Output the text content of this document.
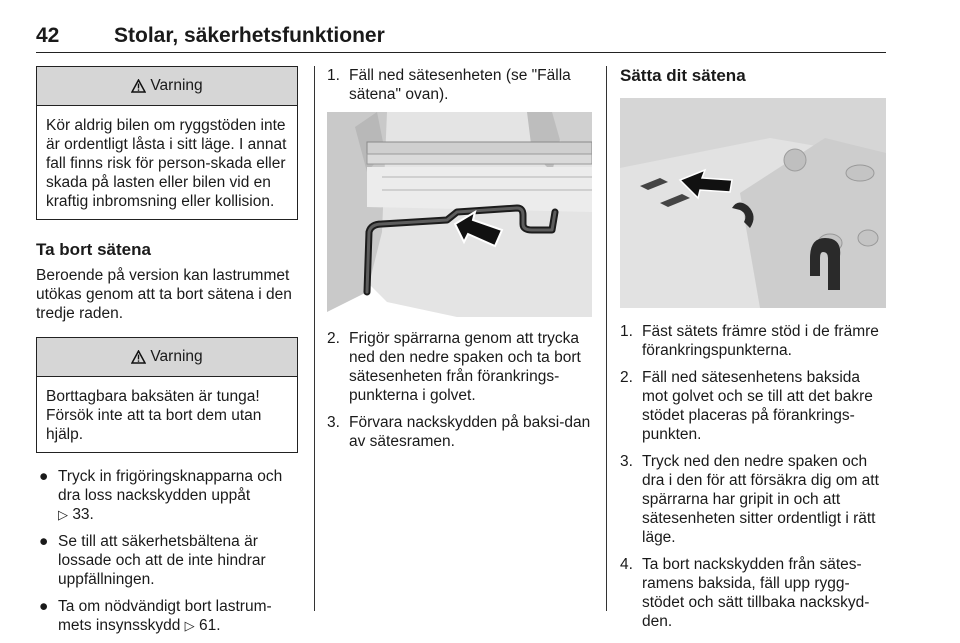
42	Stolar, säkerhetsfunktioner
Varning
Kör aldrig bilen om ryggstöden inte är ordentligt låsta i sitt läge. I annat fall finns risk för person-skada eller skada på lasten eller bilen vid en kraftig inbromsning eller kollision.
Ta bort sätena

Beroende på version kan lastrummet utökas genom att ta bort sätena i den tredje raden.

Varning
Borttagbara baksäten är tunga! Försök inte att ta bort dem utan hjälp.
● Tryck in frigöringsknapparna och dra loss nackskydden uppåt
▷ 33.
● Se till att säkerhetsbältena är lossade och att de inte hindrar uppfällningen.
● Ta om nödvändigt bort lastrum-mets insynsskydd ▷ 61.
1. Fäll ned sätesenheten (se "Fälla sätena" ovan).
2. Frigör spärrarna genom att trycka ned den nedre spaken och ta bort sätesenheten från förankrings-punkterna i golvet.
3. Förvara nackskydden på baksi-dan av sätesramen.
Sätta dit sätena
1. Fäst sätets främre stöd i de främre förankringspunkterna.
2. Fäll ned sätesenhetens baksida mot golvet och se till att det bakre stödet placeras på förankrings-punkten.
3. Tryck ned den nedre spaken och dra i den för att försäkra dig om att spärrarna har gripit in och att sätesenheten sitter ordentligt i rätt läge.
4. Ta bort nackskydden från sätes-ramens baksida, fäll upp rygg-stödet och sätt tillbaka nackskyd-den.
